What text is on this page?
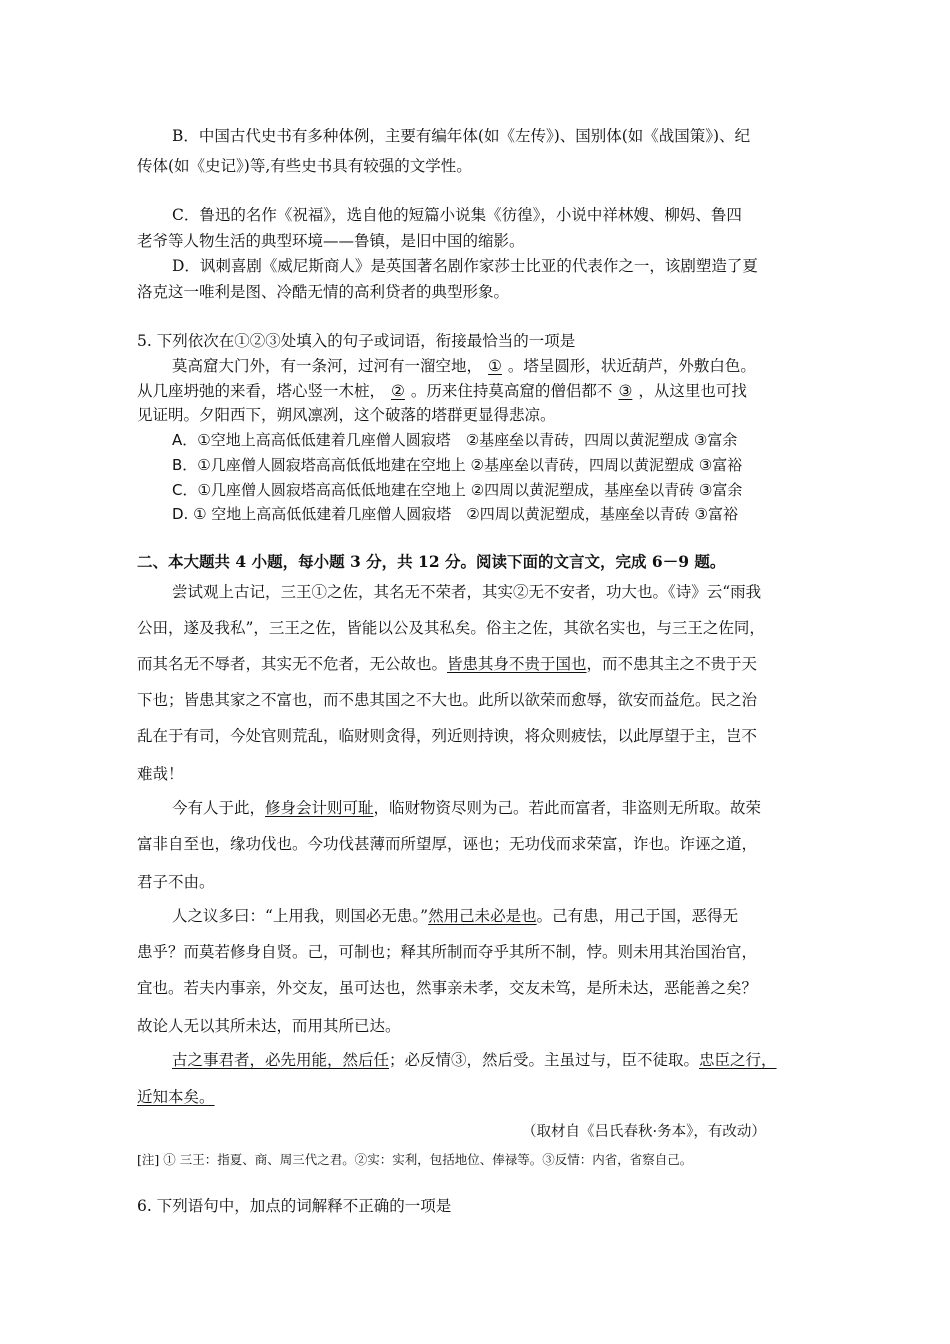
B．中国古代史书有多种体例，主要有编年体(如《左传》)、国别体(如《战国策》)、纪
传体(如《史记》)等,有些史书具有较强的文学性。
C．鲁迅的名作《祝福》，选自他的短篇小说集《彷徨》，小说中祥林嫂、柳妈、鲁四
老爷等人物生活的典型环境——鲁镇，是旧中国的缩影。
D．讽刺喜剧《威尼斯商人》是英国著名剧作家莎士比亚的代表作之一，该剧塑造了夏
洛克这一唯利是图、冷酷无情的高利贷者的典型形象。
5. 下列依次在①②③处填入的句子或词语，衔接最恰当的一项是
莫高窟大门外，有一条河，过河有一溜空地， ① 。塔呈圆形，状近葫芦，外敷白色。
从几座坍弛的来看，塔心竖一木桩， ② 。历来住持莫高窟的僧侣都不 ③ ，从这里也可找
见证明。夕阳西下，朔风凛冽，这个破落的塔群更显得悲凉。
A．①空地上高高低低建着几座僧人圆寂塔　②基座垒以青砖，四周以黄泥塑成 ③富余
B．①几座僧人圆寂塔高高低低地建在空地上 ②基座垒以青砖，四周以黄泥塑成 ③富裕
C．①几座僧人圆寂塔高高低低地建在空地上 ②四周以黄泥塑成，基座垒以青砖 ③富余
D. ① 空地上高高低低建着几座僧人圆寂塔　②四周以黄泥塑成，基座垒以青砖 ③富裕
二、本大题共 4 小题，每小题 3 分，共 12 分。阅读下面的文言文，完成 6－9 题。
尝试观上古记，三王①之佐，其名无不荣者，其实②无不安者，功大也。《诗》云“雨我
公田，遂及我私”，三王之佐，皆能以公及其私矣。俗主之佐，其欲名实也，与三王之佐同，
而其名无不辱者，其实无不危者，无公故也。皆患其身不贵于国也，而不患其主之不贵于天
下也；皆患其家之不富也，而不患其国之不大也。此所以欲荣而愈辱，欲安而益危。民之治
乱在于有司，今处官则荒乱，临财则贪得，列近则持谀，将众则疲怯，以此厚望于主，岂不
难哉！
今有人于此，修身会计则可耻，临财物资尽则为己。若此而富者，非盗则无所取。故荣
富非自至也，缘功伐也。今功伐甚薄而所望厚，诬也；无功伐而求荣富，诈也。诈诬之道，
君子不由。
人之议多曰：“上用我，则国必无患。”然用己未必是也。己有患，用己于国，恶得无
患乎？而莫若修身自贤。己，可制也；释其所制而夺乎其所不制，悖。则未用其治国治官，
宜也。若夫内事亲，外交友，虽可达也，然事亲未孝，交友未笃，是所未达，恶能善之矣？
故论人无以其所未达，而用其所已达。
古之事君者，必先用能，然后任；必反情③，然后受。主虽过与，臣不徒取。忠臣之行，
近知本矣。
（取材自《吕氏春秋·务本》，有改动）
[注] ① 三王：指夏、商、周三代之君。②实：实利，包括地位、俸禄等。③反情：内省，省察自己。
6. 下列语句中，加点的词解释不正确的一项是
